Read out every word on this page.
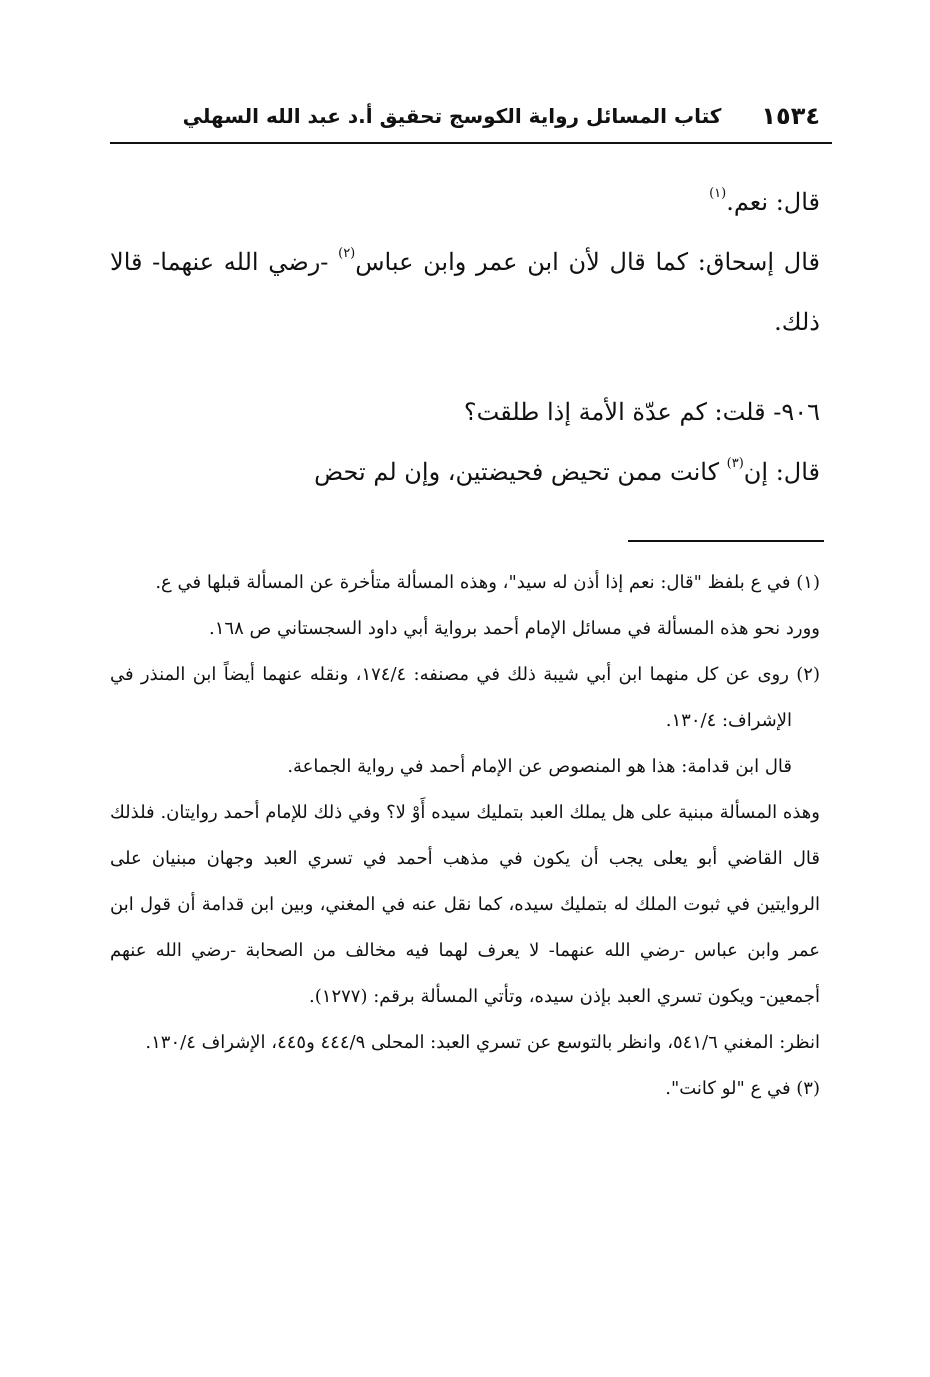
١٥٣٤
كتاب المسائل رواية الكوسج تحقيق أ.د عبد الله السهلي

قال: نعم.$^{(١)}$

قال إسحاق: كما قال لأن ابن عمر وابن عباس$^{(٢)}$ -رضي الله عنهما- قالا ذلك.

٩٠٦- قلت: كم عدّة الأمة إذا طلقت؟

قال: إن$^{(٣)}$ كانت ممن تحيض فحيضتين، وإن لم تحض

(١) في ع بلفظ "قال: نعم إذا أذن له سيد"، وهذه المسألة متأخرة عن المسألة قبلها في ع.

وورد نحو هذه المسألة في مسائل الإمام أحمد برواية أبي داود السجستاني ص ١٦٨.

(٢) روى عن كل منهما ابن أبي شيبة ذلك في مصنفه: ١٧٤/٤، ونقله عنهما أيضاً ابن المنذر في الإشراف: ١٣٠/٤.

قال ابن قدامة: هذا هو المنصوص عن الإمام أحمد في رواية الجماعة.

وهذه المسألة مبنية على هل يملك العبد بتمليك سيده أَوْ لا؟ وفي ذلك للإمام أحمد روايتان. فلذلك قال القاضي أبو يعلى يجب أن يكون في مذهب أحمد في تسري العبد وجهان مبنيان على الروايتين في ثبوت الملك له بتمليك سيده، كما نقل عنه في المغني، وبين ابن قدامة أن قول ابن عمر وابن عباس -رضي الله عنهما- لا يعرف لهما فيه مخالف من الصحابة -رضي الله عنهم أجمعين- ويكون تسري العبد بإذن سيده، وتأتي المسألة برقم: (١٢٧٧).

انظر: المغني ٥٤١/٦، وانظر بالتوسع عن تسري العبد: المحلى ٤٤٤/٩ و٤٤٥، الإشراف ١٣٠/٤.

(٣) في ع "لو كانت".
